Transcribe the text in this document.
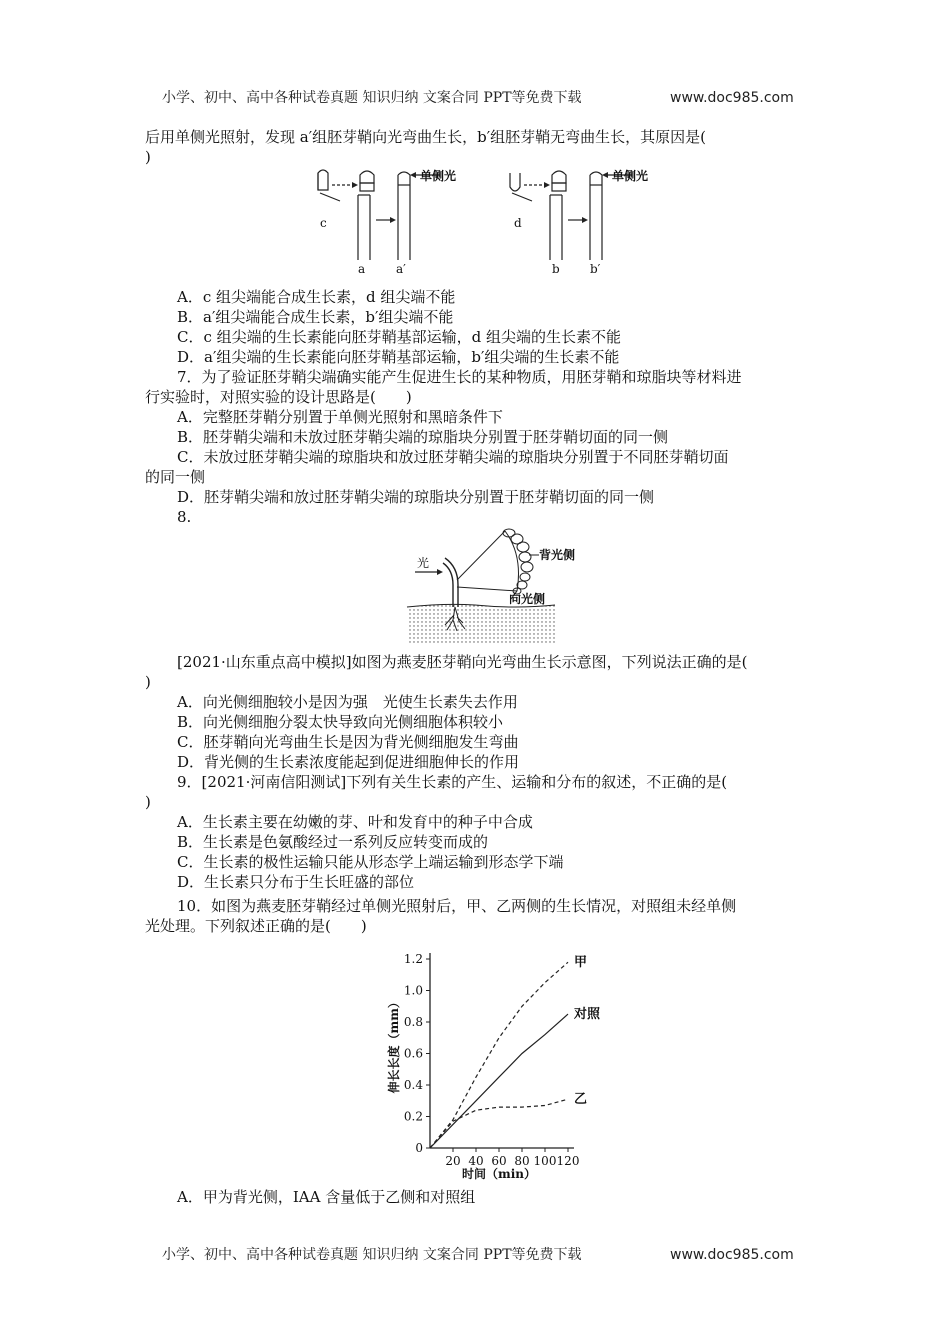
小学、初中、高中各种试卷真题 知识归纳 文案合同 PPT等免费下载	www.doc985.com
后用单侧光照射，发现 a′组胚芽鞘向光弯曲生长，b′组胚芽鞘无弯曲生长，其原因是(
)
单侧光	单侧光
c
a	a′
d
b	b′
A．c 组尖端能合成生长素，d 组尖端不能
B．a′组尖端能合成生长素，b′组尖端不能
C．c 组尖端的生长素能向胚芽鞘基部运输，d 组尖端的生长素不能
D．a′组尖端的生长素能向胚芽鞘基部运输，b′组尖端的生长素不能
7．为了验证胚芽鞘尖端确实能产生促进生长的某种物质，用胚芽鞘和琼脂块等材料进
行实验时，对照实验的设计思路是(　　)
A．完整胚芽鞘分别置于单侧光照射和黑暗条件下
B．胚芽鞘尖端和未放过胚芽鞘尖端的琼脂块分别置于胚芽鞘切面的同一侧
C．未放过胚芽鞘尖端的琼脂块和放过胚芽鞘尖端的琼脂块分别置于不同胚芽鞘切面
的同一侧
D．胚芽鞘尖端和放过胚芽鞘尖端的琼脂块分别置于胚芽鞘切面的同一侧
8.
光
背光侧
向光侧
[2021·山东重点高中模拟]如图为燕麦胚芽鞘向光弯曲生长示意图，下列说法正确的是(
)
A．向光侧细胞较小是因为强　光使生长素失去作用
B．向光侧细胞分裂太快导致向光侧细胞体积较小
C．胚芽鞘向光弯曲生长是因为背光侧细胞发生弯曲
D．背光侧的生长素浓度能起到促进细胞伸长的作用
9．[2021·河南信阳测试]下列有关生长素的产生、运输和分布的叙述，不正确的是(
)
A．生长素主要在幼嫩的芽、叶和发育中的种子中合成
B．生长素是色氨酸经过一系列反应转变而成的
C．生长素的极性运输只能从形态学上端运输到形态学下端
D．生长素只分布于生长旺盛的部位
10．如图为燕麦胚芽鞘经过单侧光照射后，甲、乙两侧的生长情况，对照组未经单侧
光处理。下列叙述正确的是(　　)
0
0.2
0.4
0.6
0.8
1.0
1.2
20 40 60 80 100 120
甲
对照
乙
伸长长度（mm）
时间（min）
A．甲为背光侧，IAA 含量低于乙侧和对照组
小学、初中、高中各种试卷真题 知识归纳 文案合同 PPT等免费下载	www.doc985.com
